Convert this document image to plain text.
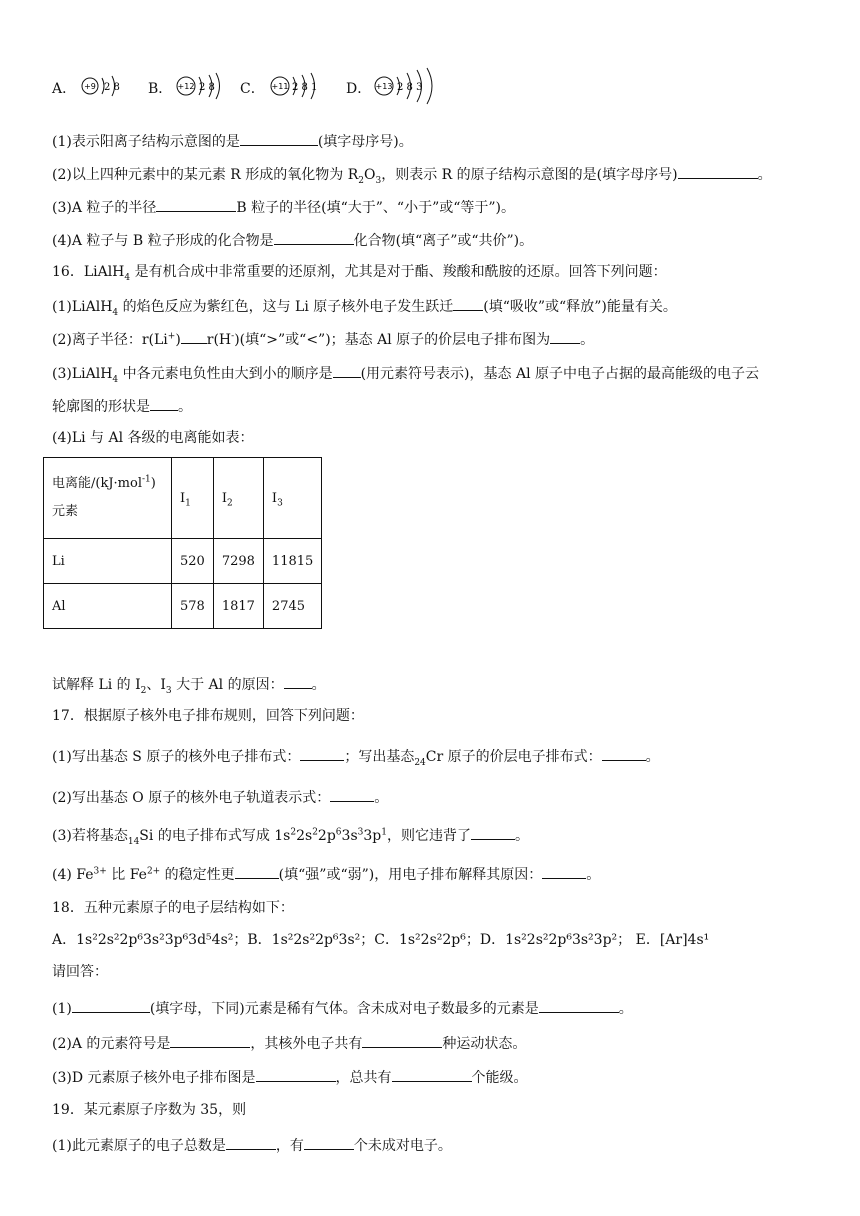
A． +9 2 8 B． +12 2 8 C． +11 2 8 1 D． +13 2 8 3
(1)表示阳离子结构示意图的是	(填字母序号)。
(2)以上四种元素中的某元素 R 形成的氧化物为 $R_2O_3$，则表示 R 的原子结构示意图的是(填字母序号)	。
(3)A 粒子的半径	B 粒子的半径(填“大于”、“小于”或“等于”)。
(4)A 粒子与 B 粒子形成的化合物是	化合物(填“离子”或“共价”)。
16．LiAlH$_4$ 是有机合成中非常重要的还原剂，尤其是对于酯、羧酸和酰胺的还原。回答下列问题：
(1)LiAlH$_4$ 的焰色反应为紫红色，这与 Li 原子核外电子发生跃迁 (填“吸收”或“释放”)能量有关。
(2)离子半径：r(Li+) r(H-)(填“>”或“<”)；基态 Al 原子的价层电子排布图为 。
(3)LiAlH$_4$ 中各元素电负性由大到小的顺序是 (用元素符号表示)，基态 Al 原子中电子占据的最高能级的电子云
轮廓图的形状是 。
(4)Li 与 Al 各级的电离能如表：
电离能/(kJ·mol$^{-1}$)
元素	$I_1$	$I_2$	$I_3$
Li	520	7298	11815
Al	578	1817	2745
试解释 Li 的 $I_2$、$I_3$ 大于 Al 的原因： 。
17．根据原子核外电子排布规则，回答下列问题：
(1)写出基态 S 原子的核外电子排布式：	；写出基态$_{24}$Cr 原子的价层电子排布式：	。
(2)写出基态 O 原子的核外电子轨道表示式：	。
(3)若将基态$_{14}$Si 的电子排布式写成 $1s^22s^22p^63s^33p^1$，则它违背了	。
(4) $Fe^{3+}$ 比 $Fe^{2+}$ 的稳定性更	(填“强”或“弱”)，用电子排布解释其原因：	。
18．五种元素原子的电子层结构如下：
A．1s²2s²2p⁶3s²3p⁶3d⁵4s²；B．1s²2s²2p⁶3s²；C．1s²2s²2p⁶；D．1s²2s²2p⁶3s²3p²； E．[Ar]4s¹
请回答：
(1)	(填字母，下同)元素是稀有气体。含未成对电子数最多的元素是	。
(2)A 的元素符号是	，其核外电子共有	种运动状态。
(3)D 元素原子核外电子排布图是	，总共有	个能级。
19．某元素原子序数为 35，则
(1)此元素原子的电子总数是	，有	个未成对电子。
